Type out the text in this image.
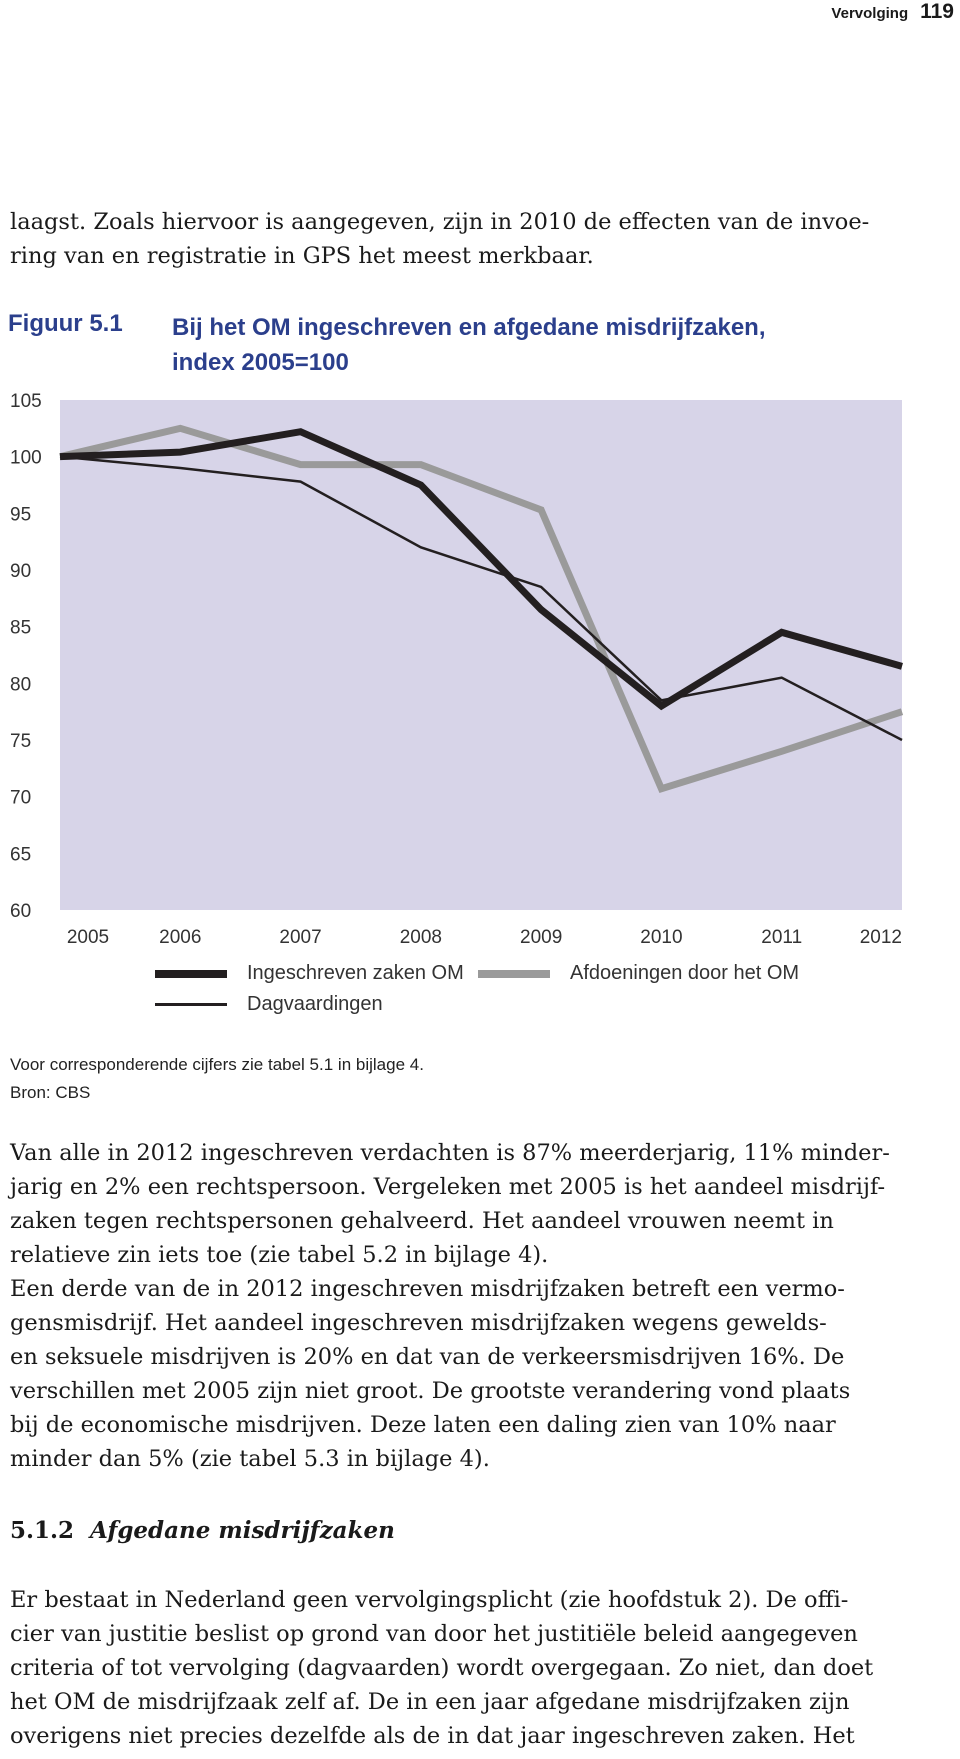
Vervolging 119

laagst. Zoals hiervoor is aangegeven, zijn in 2010 de effecten van de invoe-
ring van en registratie in GPS het meest merkbaar.

Figuur 5.1 Bij het OM ingeschreven en afgedane misdrijfzaken,
index 2005=100
105
100
95
90
85
80
75
70
65
60
2005	2006	2007	2008	2009	2010	2011	2012
Ingeschreven zaken OM	Afdoeningen door het OM
Dagvaardingen
Voor corresponderende cijfers zie tabel 5.1 in bijlage 4.
Bron: CBS

Van alle in 2012 ingeschreven verdachten is 87% meerderjarig, 11% minder-
jarig en 2% een rechtspersoon. Vergeleken met 2005 is het aandeel misdrijf-
zaken tegen rechtspersonen gehalveerd. Het aandeel vrouwen neemt in
relatieve zin iets toe (zie tabel 5.2 in bijlage 4).
Een derde van de in 2012 ingeschreven misdrijfzaken betreft een vermo-
gensmisdrijf. Het aandeel ingeschreven misdrijfzaken wegens gewelds-
en seksuele misdrijven is 20% en dat van de verkeersmisdrijven 16%. De
verschillen met 2005 zijn niet groot. De grootste verandering vond plaats
bij de economische misdrijven. Deze laten een daling zien van 10% naar
minder dan 5% (zie tabel 5.3 in bijlage 4).

5.1.2 Afgedane misdrijfzaken

Er bestaat in Nederland geen vervolgingsplicht (zie hoofdstuk 2). De offi-
cier van justitie beslist op grond van door het justitiële beleid aangegeven
criteria of tot vervolging (dagvaarden) wordt overgegaan. Zo niet, dan doet
het OM de misdrijfzaak zelf af. De in een jaar afgedane misdrijfzaken zijn
overigens niet precies dezelfde als de in dat jaar ingeschreven zaken. Het
